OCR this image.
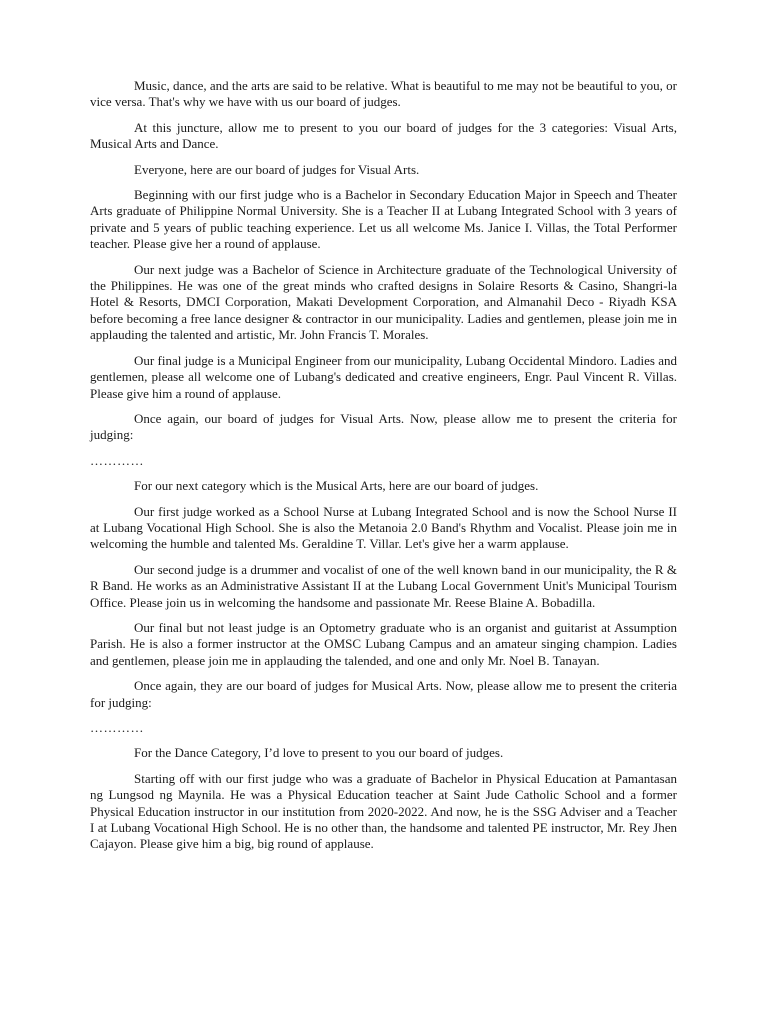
Music, dance, and the arts are said to be relative. What is beautiful to me may not be beautiful to you, or vice versa. That's why we have with us our board of judges.

At this juncture, allow me to present to you our board of judges for the 3 categories: Visual Arts, Musical Arts and Dance.

Everyone, here are our board of judges for Visual Arts.

Beginning with our first judge who is a Bachelor in Secondary Education Major in Speech and Theater Arts graduate of Philippine Normal University. She is a Teacher II at Lubang Integrated School with 3 years of private and 5 years of public teaching experience. Let us all welcome Ms. Janice I. Villas, the Total Performer teacher. Please give her a round of applause.

Our next judge was a Bachelor of Science in Architecture graduate of the Technological University of the Philippines. He was one of the great minds who crafted designs in Solaire Resorts & Casino, Shangri-la Hotel & Resorts, DMCI Corporation, Makati Development Corporation, and Almanahil Deco - Riyadh KSA before becoming a free lance designer & contractor in our municipality. Ladies and gentlemen, please join me in applauding the talented and artistic, Mr. John Francis T. Morales.

Our final judge is a Municipal Engineer from our municipality, Lubang Occidental Mindoro. Ladies and gentlemen, please all welcome one of Lubang's dedicated and creative engineers, Engr. Paul Vincent R. Villas. Please give him a round of applause.

Once again, our board of judges for Visual Arts. Now, please allow me to present the criteria for judging:

…………

For our next category which is the Musical Arts, here are our board of judges.

Our first judge worked as a School Nurse at Lubang Integrated School and is now the School Nurse II at Lubang Vocational High School. She is also the Metanoia 2.0 Band's Rhythm and Vocalist. Please join me in welcoming the humble and talented Ms. Geraldine T. Villar. Let's give her a warm applause.

Our second judge is a drummer and vocalist of one of the well known band in our municipality, the R & R Band. He works as an Administrative Assistant II at the Lubang Local Government Unit's Municipal Tourism Office. Please join us in welcoming the handsome and passionate Mr. Reese Blaine A. Bobadilla.

Our final but not least judge is an Optometry graduate who is an organist and guitarist at Assumption Parish. He is also a former instructor at the OMSC Lubang Campus and an amateur singing champion. Ladies and gentlemen, please join me in applauding the talended, and one and only Mr. Noel B. Tanayan.

Once again, they are our board of judges for Musical Arts. Now, please allow me to present the criteria for judging:

…………

For the Dance Category, I’d love to present to you our board of judges.

Starting off with our first judge who was a graduate of Bachelor in Physical Education at Pamantasan ng Lungsod ng Maynila. He was a Physical Education teacher at Saint Jude Catholic School and a former Physical Education instructor in our institution from 2020-2022. And now, he is the SSG Adviser and a Teacher I at Lubang Vocational High School. He is no other than, the handsome and talented PE instructor, Mr. Rey Jhen Cajayon. Please give him a big, big round of applause.
